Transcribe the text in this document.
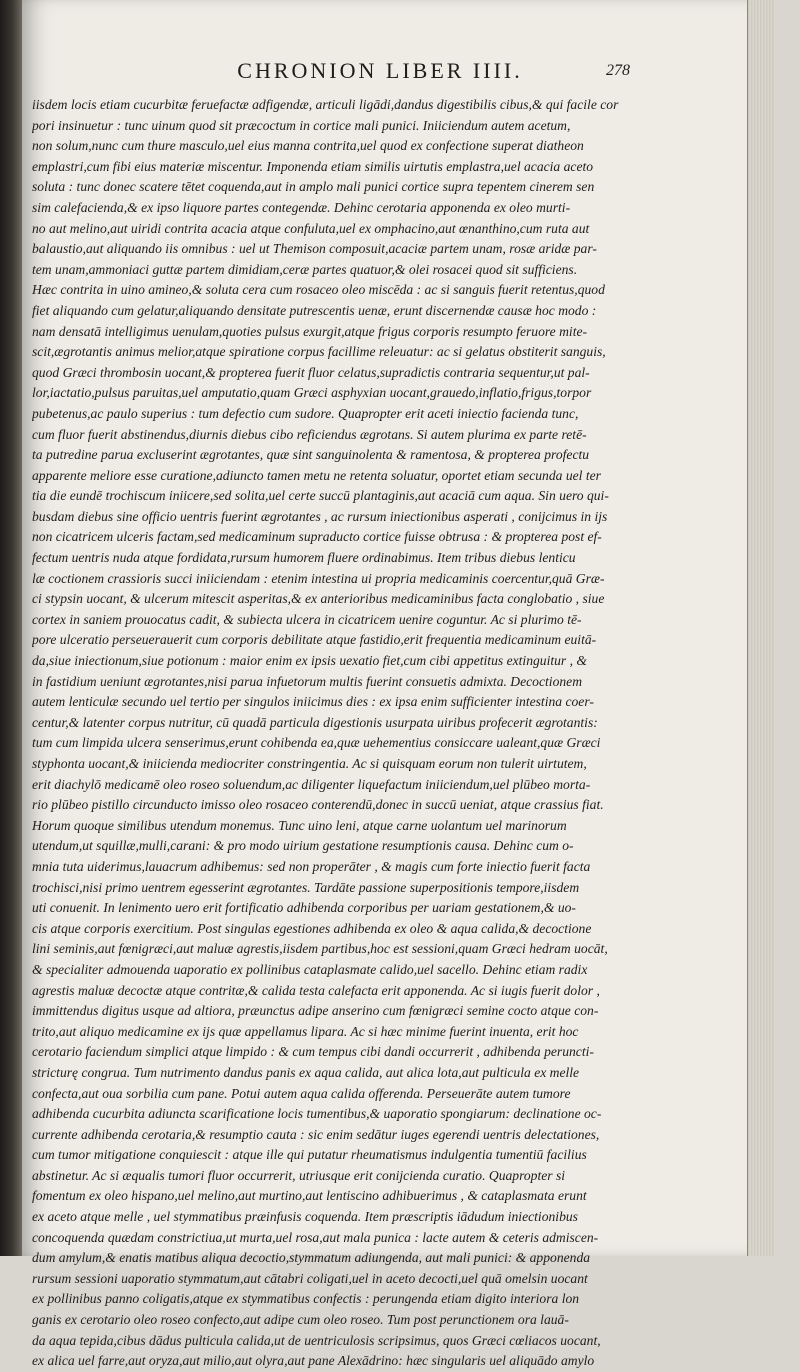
CHRONION LIBER IIII.	278
iisdem locis etiam cucurbitæ feruefactæ adfigendæ, articuli ligādi,dandus digestibilis cibus,& qui facile cor
pori insinuetur : tunc uinum quod sit præcoctum in cortice mali punici. Iniiciendum autem acetum,
non solum,nunc cum thure masculo,uel eius manna contrita,uel quod ex confectione superat diatheon
emplastri,cum fibi eius materiæ miscentur. Imponenda etiam similis uirtutis emplastra,uel acacia aceto
soluta : tunc donec scatere tētet coquenda,aut in amplo mali punici cortice supra tepentem cinerem sen
sim calefacienda,& ex ipso liquore partes contegendæ. Dehinc cerotaria apponenda ex oleo murti-
no aut melino,aut uiridi contrita acacia atque confuluta,uel ex omphacino,aut œnanthino,cum ruta aut
balaustio,aut aliquando iis omnibus : uel ut Themison composuit,acaciæ partem unam, rosæ aridæ par-
tem unam,ammoniaci guttæ partem dimidiam,ceræ partes quatuor,& olei rosacei quod sit sufficiens.
Hæc contrita in uino amineo,& soluta cera cum rosaceo oleo miscēda : ac si sanguis fuerit retentus,quod
fiet aliquando cum gelatur,aliquando densitate putrescentis uenæ, erunt discernendæ causæ hoc modo :
nam densatā intelligimus uenulam,quoties pulsus exurgit,atque frigus corporis resumpto feruore mite-
scit,ægrotantis animus melior,atque spiratione corpus facillime releuatur: ac si gelatus obstiterit sanguis,
quod Græci thrombosin uocant,& propterea fuerit fluor celatus,supradictis contraria sequentur,ut pal-
lor,iactatio,pulsus paruitas,uel amputatio,quam Græci asphyxian uocant,grauedo,inflatio,frigus,torpor
pubetenus,ac paulo superius : tum defectio cum sudore. Quapropter erit aceti iniectio facienda tunc,
cum fluor fuerit abstinendus,diurnis diebus cibo reficiendus ægrotans. Si autem plurima ex parte retē-
ta putredine parua excluserint ægrotantes, quæ sint sanguinolenta & ramentosa, & propterea profectu
apparente meliore esse curatione,adiuncto tamen metu ne retenta soluatur, oportet etiam secunda uel ter
tia die eundē trochiscum iniicere,sed solita,uel certe succū plantaginis,aut acaciā cum aqua. Sin uero qui-
busdam diebus sine officio uentris fuerint ægrotantes , ac rursum iniectionibus asperati , conijcimus in ijs
non cicatricem ulceris factam,sed medicaminum supraducto cortice fuisse obtrusa : & propterea post ef-
fectum uentris nuda atque fordidata,rursum humorem fluere ordinabimus. Item tribus diebus lenticu
læ coctionem crassioris succi iniiciendam : etenim intestina ui propria medicaminis coercentur,quā Græ-
ci stypsin uocant, & ulcerum mitescit asperitas,& ex anterioribus medicaminibus facta conglobatio , siue
cortex in saniem prouocatus cadit, & subiecta ulcera in cicatricem uenire coguntur. Ac si plurimo tē-
pore ulceratio perseuerauerit cum corporis debilitate atque fastidio,erit frequentia medicaminum euitā-
da,siue iniectionum,siue potionum : maior enim ex ipsis uexatio fiet,cum cibi appetitus extinguitur , &
in fastidium ueniunt ægrotantes,nisi parua infuetorum multis fuerint consuetis admixta. Decoctionem
autem lenticulæ secundo uel tertio per singulos iniicimus dies : ex ipsa enim sufficienter intestina coer-
centur,& latenter corpus nutritur, cū quadā particula digestionis usurpata uiribus profecerit ægrotantis:
tum cum limpida ulcera senserimus,erunt cohibenda ea,quæ uehementius consiccare ualeant,quæ Græci
styphonta uocant,& iniicienda mediocriter constringentia. Ac si quisquam eorum non tulerit uirtutem,
erit diachylō medicamē oleo roseo soluendum,ac diligenter liquefactum iniiciendum,uel plūbeo morta-
rio plūbeo pistillo circunducto imisso oleo rosaceo conterendū,donec in succū ueniat, atque crassius fiat.
Horum quoque similibus utendum monemus. Tunc uino leni, atque carne uolantum uel marinorum
utendum,ut squillæ,mulli,carani: & pro modo uirium gestatione resumptionis causa. Dehinc cum o-
mnia tuta uiderimus,lauacrum adhibemus: sed non properāter , & magis cum forte iniectio fuerit facta
trochisci,nisi primo uentrem egesserint ægrotantes. Tardāte passione superpositionis tempore,iisdem
uti conuenit. In lenimento uero erit fortificatio adhibenda corporibus per uariam gestationem,& uo-
cis atque corporis exercitium. Post singulas egestiones adhibenda ex oleo & aqua calida,& decoctione
lini seminis,aut fœnigræci,aut maluæ agrestis,iisdem partibus,hoc est sessioni,quam Græci hedram uocāt,
& specialiter admouenda uaporatio ex pollinibus cataplasmate calido,uel sacello. Dehinc etiam radix
agrestis maluæ decoctæ atque contritæ,& calida testa calefacta erit apponenda. Ac si iugis fuerit dolor ,
immittendus digitus usque ad altiora, præunctus adipe anserino cum fœnigræci semine cocto atque con-
trito,aut aliquo medicamine ex ijs quæ appellamus lipara. Ac si hæc minime fuerint inuenta, erit hoc
cerotario faciendum simplici atque limpido : & cum tempus cibi dandi occurrerit , adhibenda peruncti-
stricturę congrua. Tum nutrimento dandus panis ex aqua calida, aut alica lota,aut pulticula ex melle
confecta,aut oua sorbilia cum pane. Potui autem aqua calida offerenda. Perseuerāte autem tumore
adhibenda cucurbita adiuncta scarificatione locis tumentibus,& uaporatio spongiarum: declinatione oc-
currente adhibenda cerotaria,& resumptio cauta : sic enim sedātur iuges egerendi uentris delectationes,
cum tumor mitigatione conquiescit : atque ille qui putatur rheumatismus indulgentia tumentiū facilius
abstinetur. Ac si æqualis tumori fluor occurrerit, utriusque erit conijcienda curatio. Quapropter si
fomentum ex oleo hispano,uel melino,aut murtino,aut lentiscino adhibuerimus , & cataplasmata erunt
ex aceto atque melle , uel stymmatibus præinfusis coquenda. Item præscriptis iādudum iniectionibus
concoquenda quædam constrictiua,ut murta,uel rosa,aut mala punica : lacte autem & ceteris admiscen-
dum amylum,& enatis matibus aliqua decoctio,stymmatum adiungenda, aut mali punici: & apponenda
rursum sessioni uaporatio stymmatum,aut cātabri coligati,uel in aceto decocti,uel quā omelsin uocant
ex pollinibus panno coligatis,atque ex stymmatibus confectis : perungenda etiam digito interiora lon
ganis ex cerotario oleo roseo confecto,aut adipe cum oleo roseo. Tum post perunctionem ora lauā-
da aqua tepida,cibus dādus pulticula calida,ut de uentriculosis scripsimus, quos Græci cœliacos uocant,
ex alica uel farre,aut oryza,aut milio,aut olyra,aut pane Alexādrino: hæc singularis uel aliquādo amylo
